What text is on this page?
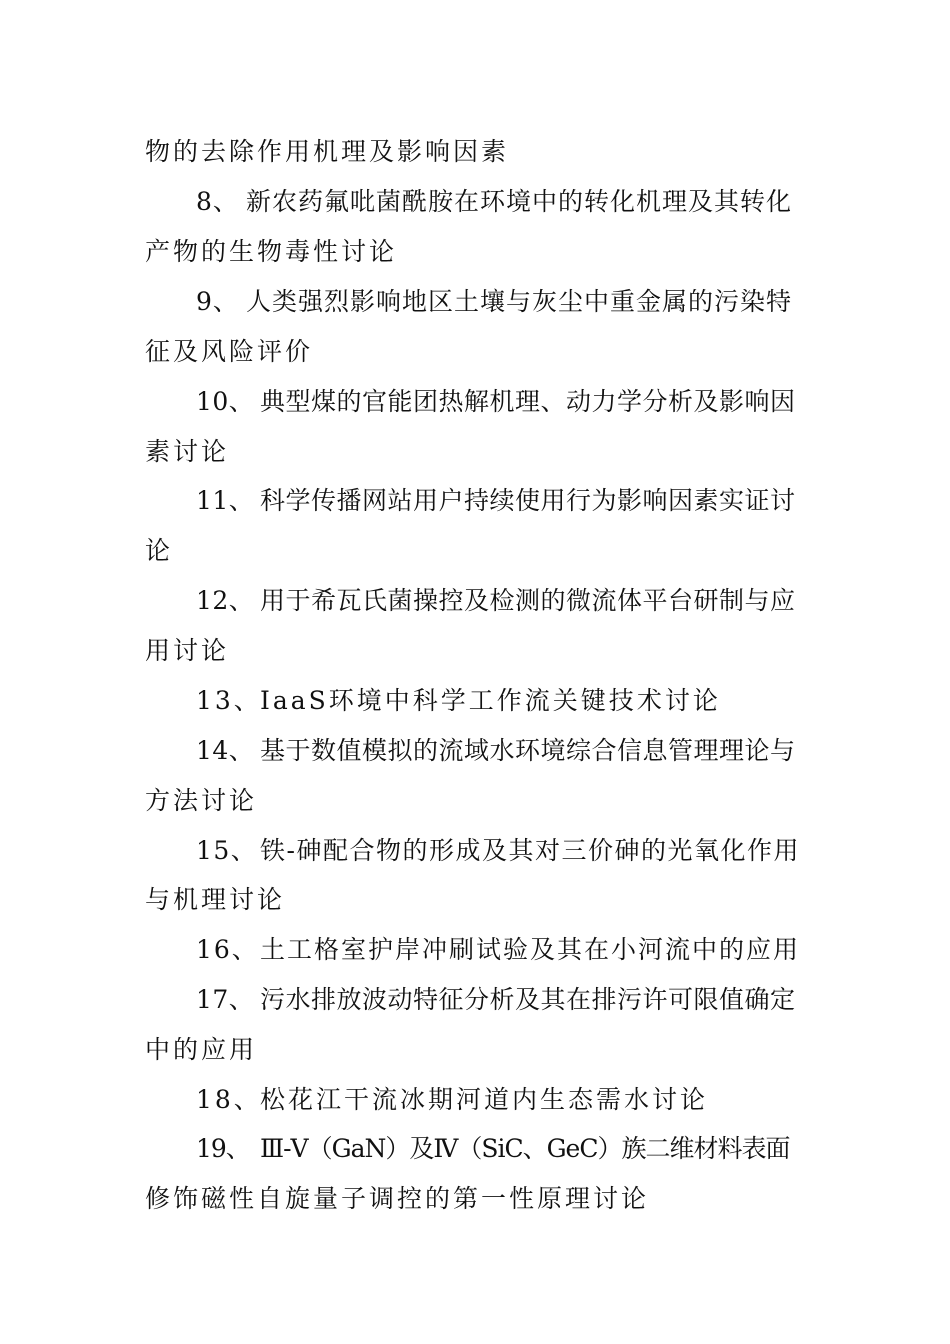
物的去除作用机理及影响因素
8、 新农药氟吡菌酰胺在环境中的转化机理及其转化
产物的生物毒性讨论
9、 人类强烈影响地区土壤与灰尘中重金属的污染特
征及风险评价
10、 典型煤的官能团热解机理、动力学分析及影响因
素讨论
11、 科学传播网站用户持续使用行为影响因素实证讨
论
12、 用于希瓦氏菌操控及检测的微流体平台研制与应
用讨论
13、IaaS环境中科学工作流关键技术讨论
14、 基于数值模拟的流域水环境综合信息管理理论与
方法讨论
15、 铁-砷配合物的形成及其对三价砷的光氧化作用
与机理讨论
16、土工格室护岸冲刷试验及其在小河流中的应用
17、 污水排放波动特征分析及其在排污许可限值确定
中的应用
18、松花江干流冰期河道内生态需水讨论
19、 Ⅲ-Ⅴ（GaN）及Ⅳ（SiC、GeC）族二维材料表面
修饰磁性自旋量子调控的第一性原理讨论
